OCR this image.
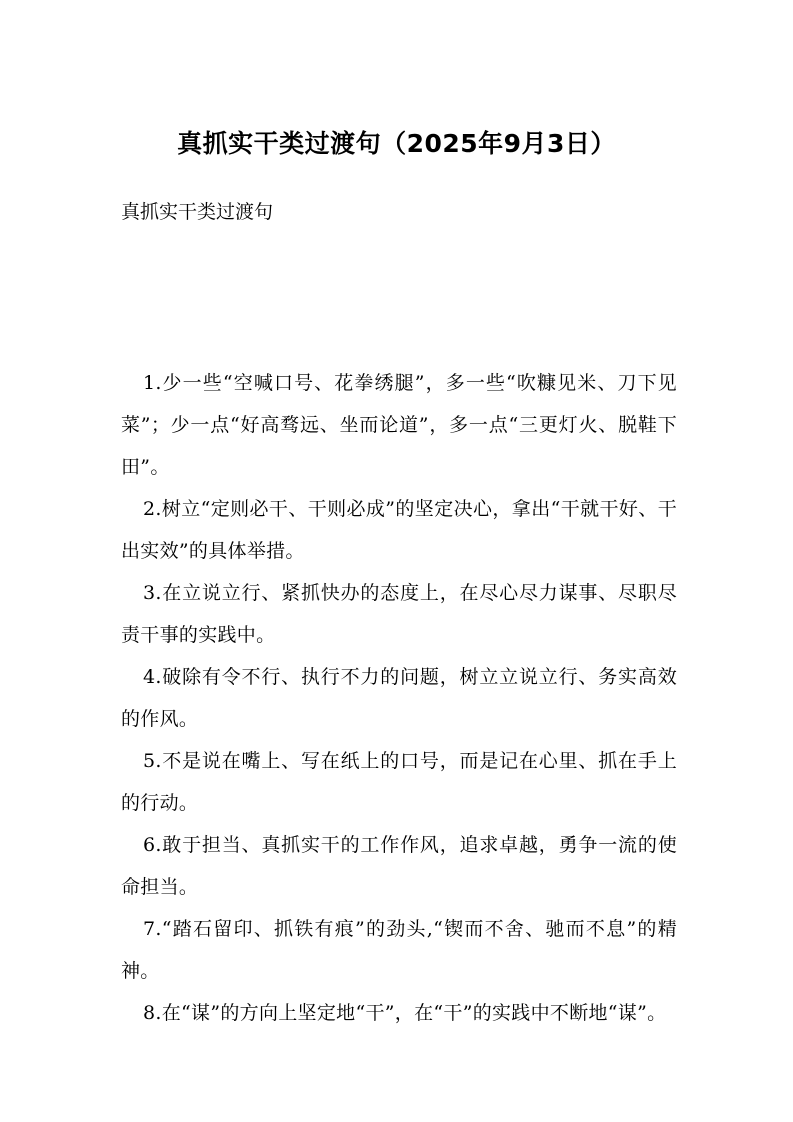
真抓实干类过渡句（2025年9月3日）
真抓实干类过渡句

1.少一些“空喊口号、花拳绣腿”，多一些“吹糠见米、刀下见菜”；少一点“好高骛远、坐而论道”，多一点“三更灯火、脱鞋下田”。

2.树立“定则必干、干则必成”的坚定决心，拿出“干就干好、干出实效”的具体举措。

3.在立说立行、紧抓快办的态度上，在尽心尽力谋事、尽职尽责干事的实践中。

4.破除有令不行、执行不力的问题，树立立说立行、务实高效的作风。

5.不是说在嘴上、写在纸上的口号，而是记在心里、抓在手上的行动。

6.敢于担当、真抓实干的工作作风，追求卓越，勇争一流的使命担当。

7.“踏石留印、抓铁有痕”的劲头,“锲而不舍、驰而不息”的精神。

8.在“谋”的方向上坚定地“干”，在“干”的实践中不断地“谋”。
